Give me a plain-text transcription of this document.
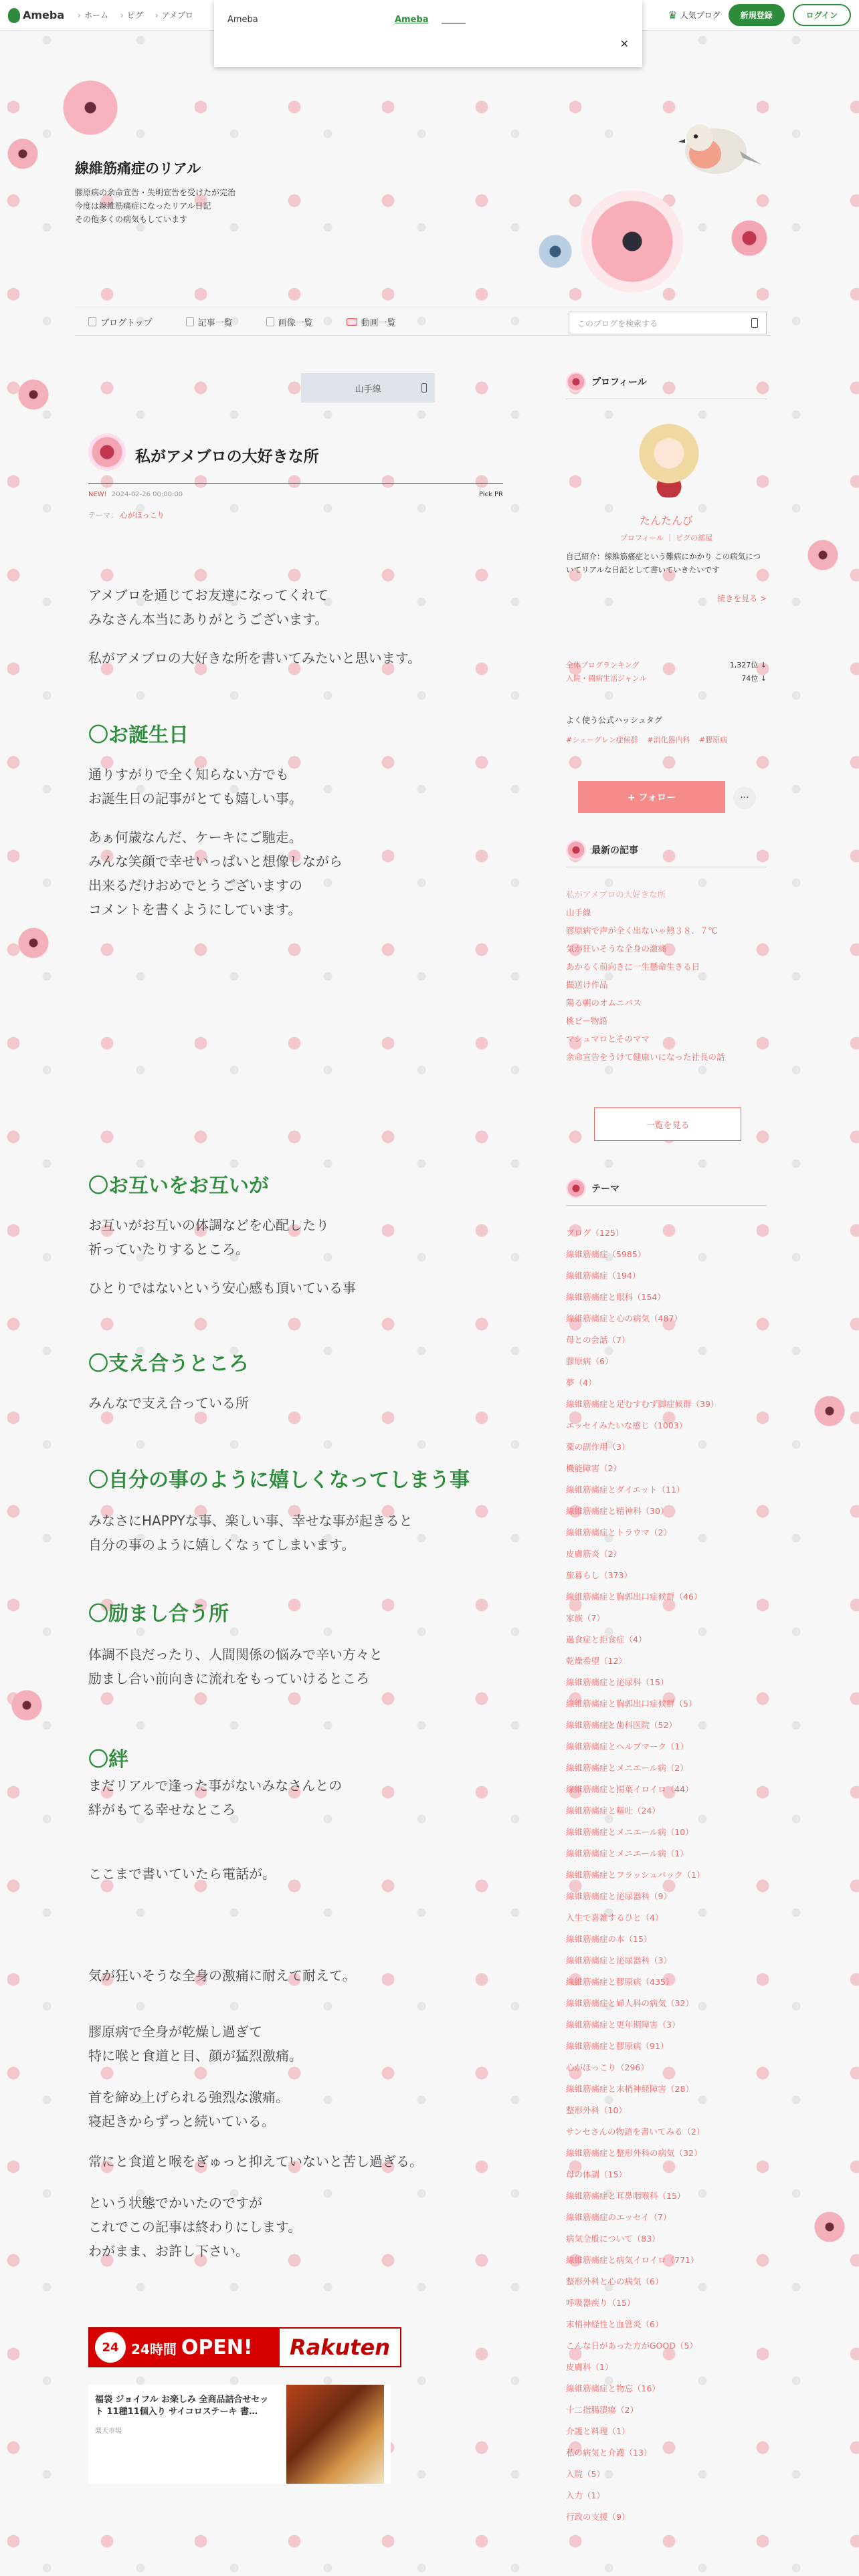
Ameba	› ホーム	› ピグ	› アメブロ	♛ 人気ブログ	新規登録	ログイン
Ameba	Ameba
✕
線維筋痛症のリアル
膠原病の余命宣告・失明宣告を受けたが完治
今度は線維筋痛症になったリアル日記
その他多くの病気もしています
ブログトップ	記事一覧	画像一覧	動画一覧	このブログを検索する
山手線
私がアメブロの大好きな所
NEW! 2024-02-26 00:00:00	Pick PR
テーマ： 心がほっこり

アメブロを通じてお友達になってくれて
みなさん本当にありがとうございます。

私がアメブロの大好きな所を書いてみたいと思います。

〇お誕生日

通りすがりで全く知らない方でも
お誕生日の記事がとても嬉しい事。

あぁ何歳なんだ、ケーキにご馳走。
みんな笑顔で幸せいっぱいと想像しながら
出来るだけおめでとうございますの
コメントを書くようにしています。

〇お互いをお互いが

お互いがお互いの体調などを心配したり
祈っていたりするところ。

ひとりではないという安心感も頂いている事

〇支え合うところ

みんなで支え合っている所

〇自分の事のように嬉しくなってしまう事

みなさにHAPPYな事、楽しい事、幸せな事が起きると
自分の事のように嬉しくなぅてしまいます。

〇励まし合う所

体調不良だったり、人間関係の悩みで辛い方々と
励まし合い前向きに流れをもっていけるところ

〇絆

まだリアルで逢った事がないみなさんとの
絆がもてる幸せなところ

ここまで書いていたら電話が。

気が狂いそうな全身の激痛に耐えて耐えて。

膠原病で全身が乾燥し過ぎて
特に喉と食道と目、顔が猛烈激痛。

首を締め上げられる強烈な激痛。
寝起きからずっと続いている。

常にと食道と喉をぎゅっと抑えていないと苦し過ぎる。

という状態でかいたのですが
これでこの記事は終わりにします。
わがまま、お許し下さい。

24 24時間 OPEN!	Rakuten
福袋 ジョイフル お楽しみ 全商品詰合せセット 11種11個入り サイコロステーキ 書…
楽天市場
プロフィール
たんたんび
プロフィール ｜ ピグの部屋
自己紹介：線維筋痛症という難病にかかり この病気についてリアルな日記として書いていきたいです
続きを見る >
全体ブログランキング	1,327位 ↓
入院・闘病生活ジャンル	74位 ↓
よく使う公式ハッシュタグ
#シェーグレン症候群 #消化器内科 #膠原病
+ フォロー	···
最新の記事
私がアメブロの大好きな所
山手線
膠原病で声が全く出ないゃ熱３８．７℃
気が狂いそうな全身の激痛
あかるく前向きに一生懸命生きる日
撮送け作品
陽る朝のオムニバス
桃ビー物語
マシュマロとそのママ
余命宣告をうけて健康いになった社長の話
一覧を見る
テーマ
ブログ（125）
線維筋痛症（5985）
線維筋痛症（194）
線維筋痛症と眼科（154）
線維筋痛症と心の病気（487）
母との会話（7）
膠原病（6）
夢（4）
線維筋痛症と足むすむず脚症候群（39）
エッセイみたいな感じ（1003）
薬の副作用（3）
機能障害（2）
線維筋痛症とダイエット（11）
線維筋痛症と精神科（30）
線維筋痛症とトラウマ（2）
皮膚筋炎（2）
旅暮らし（373）
線維筋痛症と胸郭出口症候群（46）
家族（7）
過食症と拒食症（4）
乾燥希望（12）
線維筋痛症と泌尿科（15）
線維筋痛症と胸郭出口症候群（5）
線維筋痛症と歯科医院（52）
線維筋痛症とヘルプマーク（1）
線維筋痛症とメニエール病（2）
線維筋痛症と揚葉イロイロ（44）
線維筋痛症と嘔吐（24）
線維筋痛症とメニエール病（10）
線維筋痛症とメニエール病（1）
線維筋痛症とフラッシュバック（1）
線維筋痛症と泌尿器科（9）
入生で喜雑するひと（4）
線維筋痛症の本（15）
線維筋痛症と泌尿器科（3）
線維筋痛症と膠原病（435）
線維筋痛症と婦人科の病気（32）
線維筋痛症と更年期障害（3）
線維筋痛症と膠原病（91）
心がほっこり（296）
線維筋痛症と末梢神経障害（28）
整形外科（10）
サンセさんの物語を書いてみる（2）
線維筋痛症と整形外科の病気（32）
母の体調（15）
線維筋痛症と耳鼻咽喉科（15）
線維筋痛症のエッセイ（7）
病気全般について（83）
線維筋痛症と病気イロイロ（771）
整形外科と心の病気（6）
呼吸器疾り（15）
末梢神経性と血管炎（6）
こんな日があった方がGOOD（5）
皮膚科（1）
線維筋痛症と物忘（16）
十二指腸潰瘍（2）
介護と料理（1）
私の病気と介護（13）
入院（5）
入力（1）
行政の支援（9）
